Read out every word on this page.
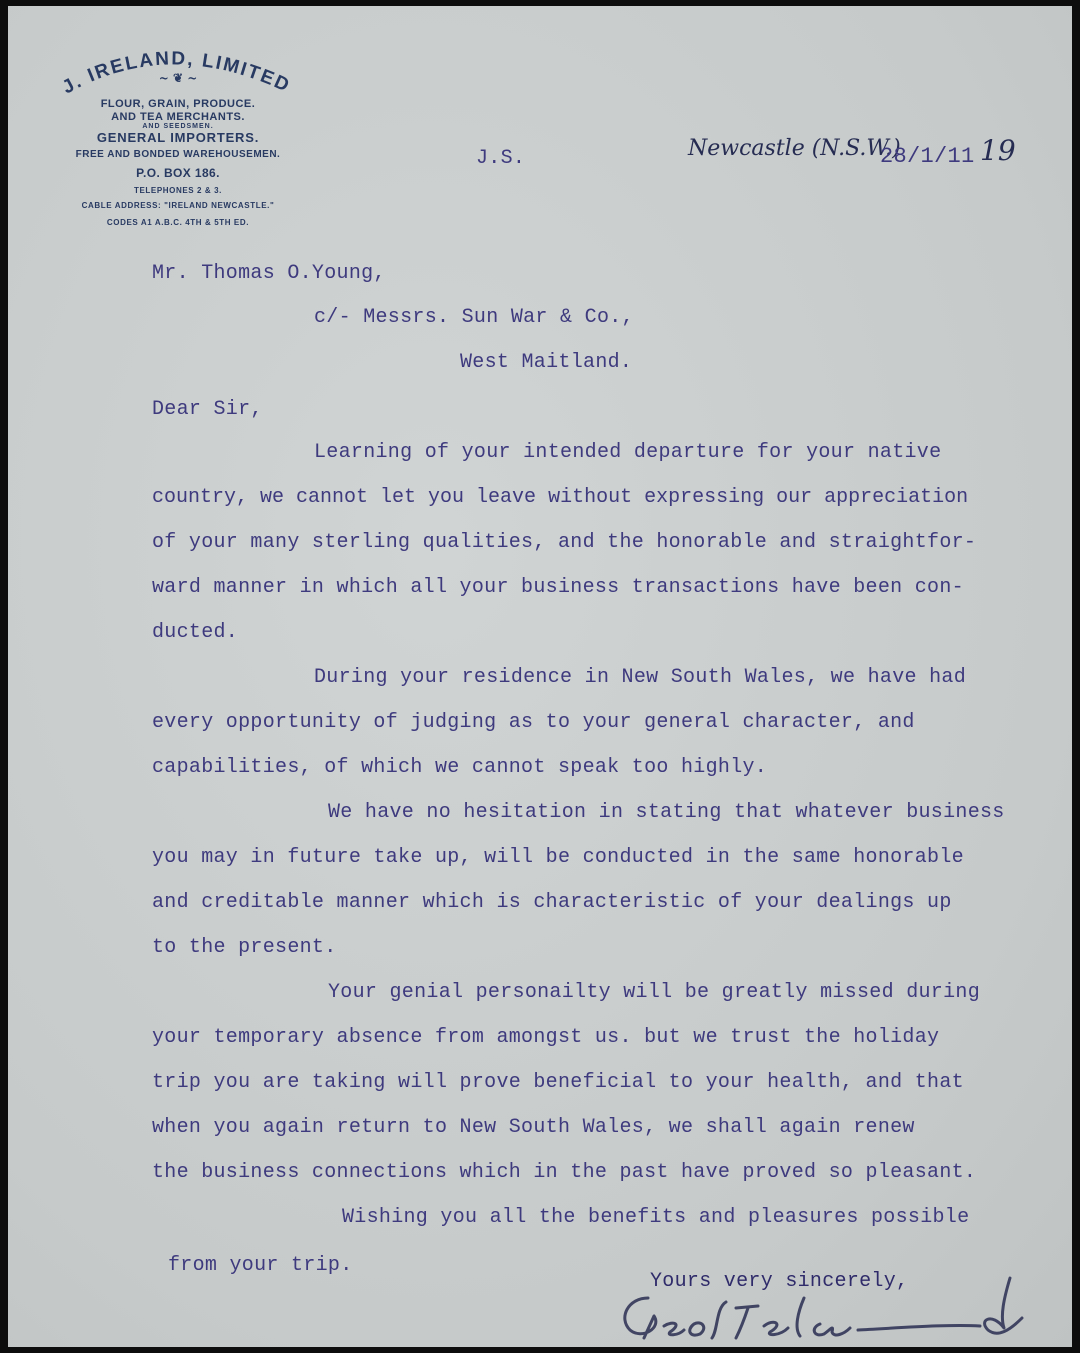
J. IRELAND, LIMITED
~ ❦ ~
FLOUR, GRAIN, PRODUCE.
AND TEA MERCHANTS.
AND SEEDSMEN.
GENERAL IMPORTERS.
FREE AND BONDED WAREHOUSEMEN.
P.O. BOX 186.
TELEPHONES 2 & 3.
CABLE ADDRESS: "IRELAND NEWCASTLE."
CODES A1 A.B.C. 4TH & 5TH ED.
J.S.	Newcastle (N.S.W.)
28/1/11 19
Mr. Thomas O.Young,
c/- Messrs. Sun War & Co.,
West Maitland.
Dear Sir,
Learning of your intended departure for your native
country, we cannot let you leave without expressing our appreciation
of your many sterling qualities, and the honorable and straightfor-
ward manner in which all your business transactions have been con-
ducted.
During your residence in New South Wales, we have had
every opportunity of judging as to your general character, and
capabilities, of which we cannot speak too highly.
We have no hesitation in stating that whatever business
you may in future take up, will be conducted in the same honorable
and creditable manner which is characteristic of your dealings up
to the present.
Your genial personailty will be greatly missed during
your temporary absence from amongst us. but we trust the holiday
trip you are taking will prove beneficial to your health, and that
when you again return to New South Wales, we shall again renew
the business connections which in the past have proved so pleasant.
Wishing you all the benefits and pleasures possible
from your trip.
Yours very sincerely,
